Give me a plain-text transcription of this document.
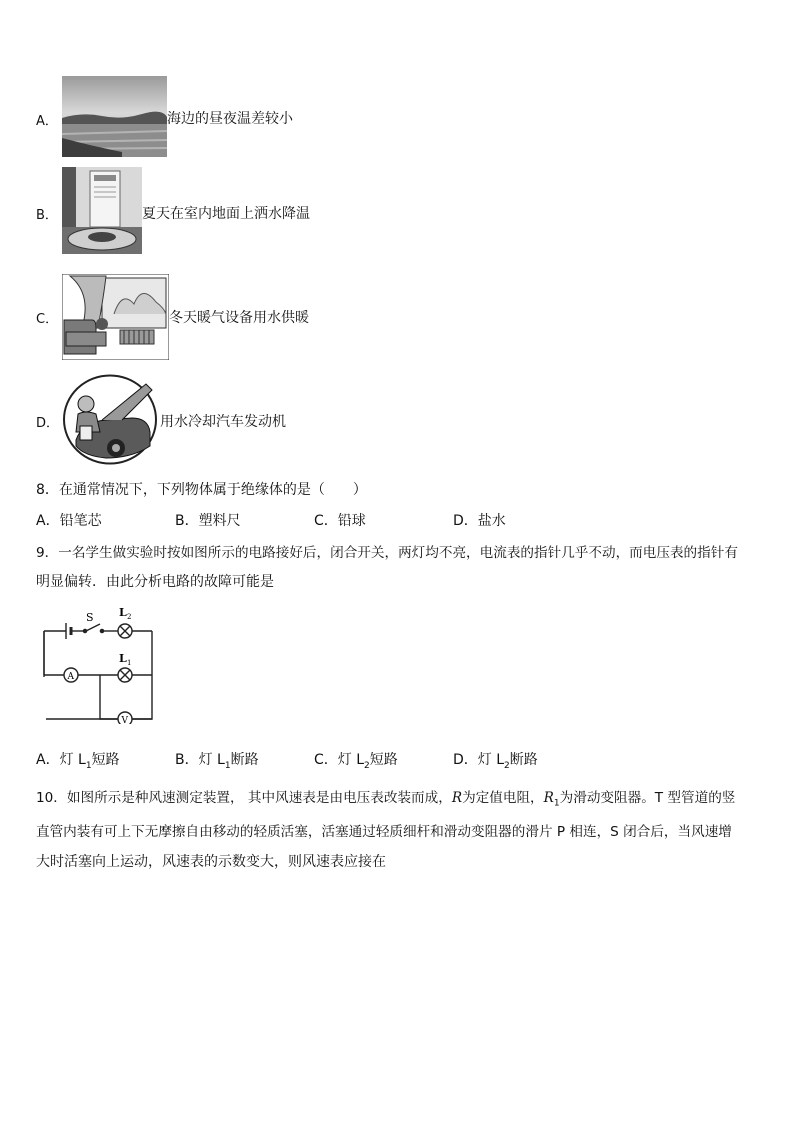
A．	海边的昼夜温差较小
B．	夏天在室内地面上洒水降温
C．	冬天暖气设备用水供暖
D．	用水冷却汽车发动机
8．在通常情况下，下列物体属于绝缘体的是（　　）
A．铅笔芯	B．塑料尺	C．铅球	D．盐水
9．一名学生做实验时按如图所示的电路接好后，闭合开关，两灯均不亮，电流表的指针几乎不动，而电压表的指针有
明显偏转．由此分析电路的故障可能是
S L 2
L 1
A
V
A．灯 $L_1$短路	B．灯 $L_1$断路	C．灯 $L_2$短路	D．灯 $L_2$断路
10．如图所示是种风速测定装置， 其中风速表是由电压表改装而成，R为定值电阻，$R_1$为滑动变阻器。T 型管道的竖
直管内装有可上下无摩擦自由移动的轻质活塞，活塞通过轻质细杆和滑动变阻器的滑片 P 相连，S 闭合后，当风速增
大时活塞向上运动，风速表的示数变大，则风速表应接在
